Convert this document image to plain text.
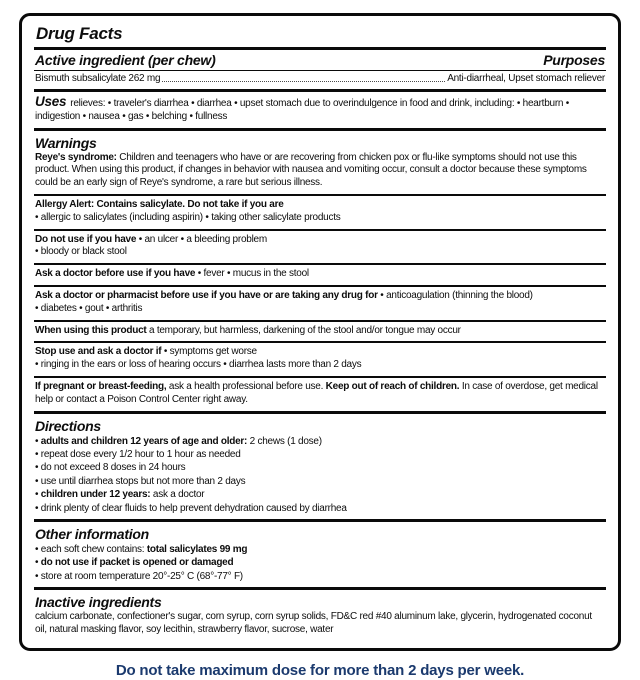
Drug Facts
Active ingredient (per chew)	Purposes
Bismuth subsalicylate 262 mg	Anti-diarrheal, Upset stomach reliever
Uses relieves: • traveler's diarrhea • diarrhea • upset stomach due to overindulgence in food and drink, including: • heartburn • indigestion • nausea • gas • belching • fullness
Warnings
Reye's syndrome: Children and teenagers who have or are recovering from chicken pox or flu-like symptoms should not use this product. When using this product, if changes in behavior with nausea and vomiting occur, consult a doctor because these symptoms could be an early sign of Reye's syndrome, a rare but serious illness.
Allergy Alert: Contains salicylate. Do not take if you are
• allergic to salicylates (including aspirin) • taking other salicylate products
Do not use if you have • an ulcer • a bleeding problem
• bloody or black stool
Ask a doctor before use if you have • fever • mucus in the stool
Ask a doctor or pharmacist before use if you have or are taking any drug for • anticoagulation (thinning the blood)
• diabetes • gout • arthritis
When using this product a temporary, but harmless, darkening of the stool and/or tongue may occur
Stop use and ask a doctor if • symptoms get worse
• ringing in the ears or loss of hearing occurs • diarrhea lasts more than 2 days
If pregnant or breast-feeding, ask a health professional before use. Keep out of reach of children. In case of overdose, get medical help or contact a Poison Control Center right away.
Directions
• adults and children 12 years of age and older: 2 chews (1 dose)
• repeat dose every 1/2 hour to 1 hour as needed
• do not exceed 8 doses in 24 hours
• use until diarrhea stops but not more than 2 days
• children under 12 years: ask a doctor
• drink plenty of clear fluids to help prevent dehydration caused by diarrhea
Other information
• each soft chew contains: total salicylates 99 mg
• do not use if packet is opened or damaged
• store at room temperature 20°-25° C (68°-77° F)
Inactive ingredients
calcium carbonate, confectioner's sugar, corn syrup, corn syrup solids, FD&C red #40 aluminum lake, glycerin, hydrogenated coconut oil, natural masking flavor, soy lecithin, strawberry flavor, sucrose, water
Do not take maximum dose for more than 2 days per week.
